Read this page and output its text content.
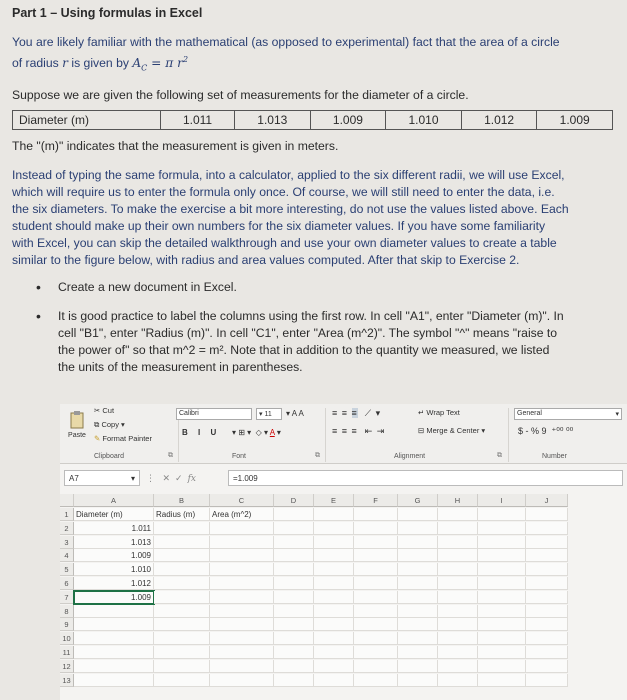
Part 1 – Using formulas in Excel

You are likely familiar with the mathematical (as opposed to experimental) fact that the area of a circle

of radius r is given by $A_C = \pi$ $r^2$

Suppose we are given the following set of measurements for the diameter of a circle.

Diameter (m)	1.011	1.013	1.009	1.010	1.012	1.009

The "(m)" indicates that the measurement is given in meters.

Instead of typing the same formula, into a calculator, applied to the six different radii, we will use Excel,

which will require us to enter the formula only once. Of course, we will still need to enter the data, i.e.

the six diameters. To make the exercise a bit more interesting, do not use the values listed above. Each

student should make up their own numbers for the six diameter values. If you have some familiarity

with Excel, you can skip the detailed walkthrough and use your own diameter values to create a table

similar to the figure below, with radius and area values computed. After that skip to Exercise 2.

• Create a new document in Excel.
• It is good practice to label the columns using the first row. In cell "A1", enter "Diameter (m)". In
cell "B1", enter "Radius (m)". In cell "C1", enter "Area (m^2)". The symbol "^" means "raise to
the power of" so that m^2 = m². Note that in addition to the quantity we measured, we listed
the units of the measurement in parentheses.
Paste
✂ Cut
⧉ Copy ▾
✎ Format Painter
Clipboard	⧉
Calibri	▾ 11	▾ A A
B I U ▾ ⊞ ▾  ◇ ▾ A ▾
Font	⧉
≡ ≡ ≡  ⟋ ▾
≡ ≡ ≡  ⇤ ⇥
↵ Wrap Text
⊟ Merge & Center ▾
Alignment	⧉
General	▾
$ - % 9  ⁺⁰⁰ ⁰⁰
Number
A7	▾ ⋮   ✕  ✓  fx	=1.009
A	B	C	D	E	F	G	H	I	J
1 Diameter (m)	Radius (m)	Area (m^2)
2	1.011
3	1.013
4	1.009
5	1.010
6	1.012
7	1.009
8
9
10
11
12
13
